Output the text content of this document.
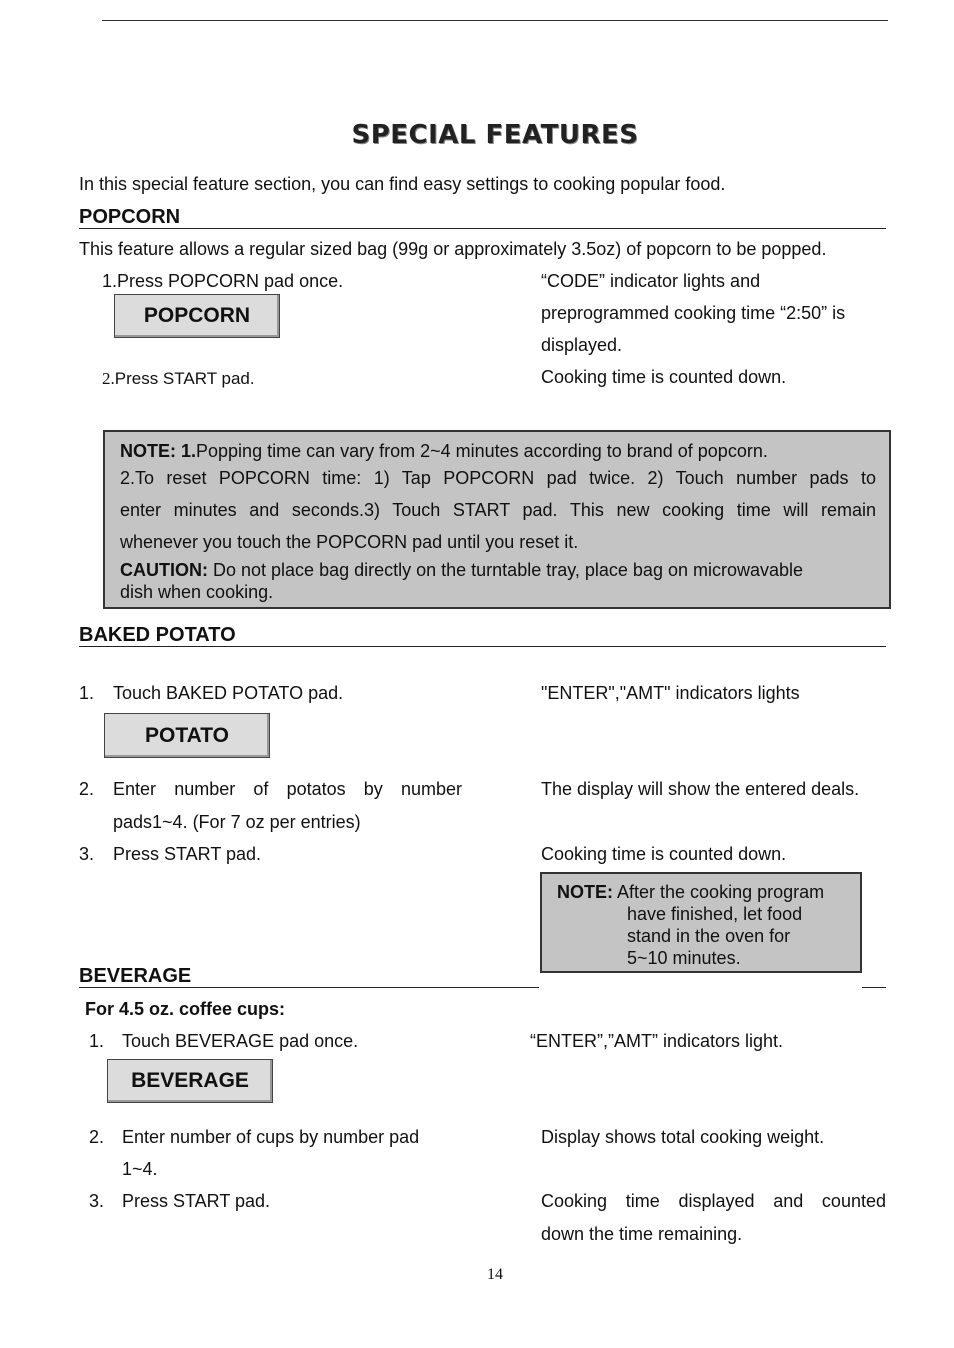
SPECIAL FEATURES
In this special feature section, you can find easy settings to cooking popular food.
POPCORN
This feature allows a regular sized bag (99g or approximately 3.5oz) of popcorn to be popped.
1.Press POPCORN pad once.
POPCORN
2.Press START pad.
“CODE” indicator lights and
preprogrammed cooking time “2:50” is
displayed.
Cooking time is counted down.
NOTE: 1.Popping time can vary from 2~4 minutes according to brand of popcorn.
2.To reset POPCORN time: 1) Tap POPCORN pad twice. 2) Touch number pads to
enter minutes and seconds.3) Touch START pad. This new cooking time will remain
whenever you touch the POPCORN pad until you reset it.
CAUTION: Do not place bag directly on the turntable tray, place bag on microwavable
dish when cooking.
BAKED POTATO
1. Touch BAKED POTATO pad.
POTATO
2. Enter number of potatos by number
pads1~4. (For 7 oz per entries)
3. Press START pad.
"ENTER","AMT" indicators lights
The display will show the entered deals.
Cooking time is counted down.
NOTE: After the cooking program
have finished, let food
stand in the oven for
5~10 minutes.
BEVERAGE
For 4.5 oz. coffee cups:
1. Touch BEVERAGE pad once.
BEVERAGE
2. Enter number of cups by number pad
1~4.
3. Press START pad.
“ENTER”,”AMT” indicators light.
Display shows total cooking weight.
Cooking time displayed and counted
down the time remaining.
14
